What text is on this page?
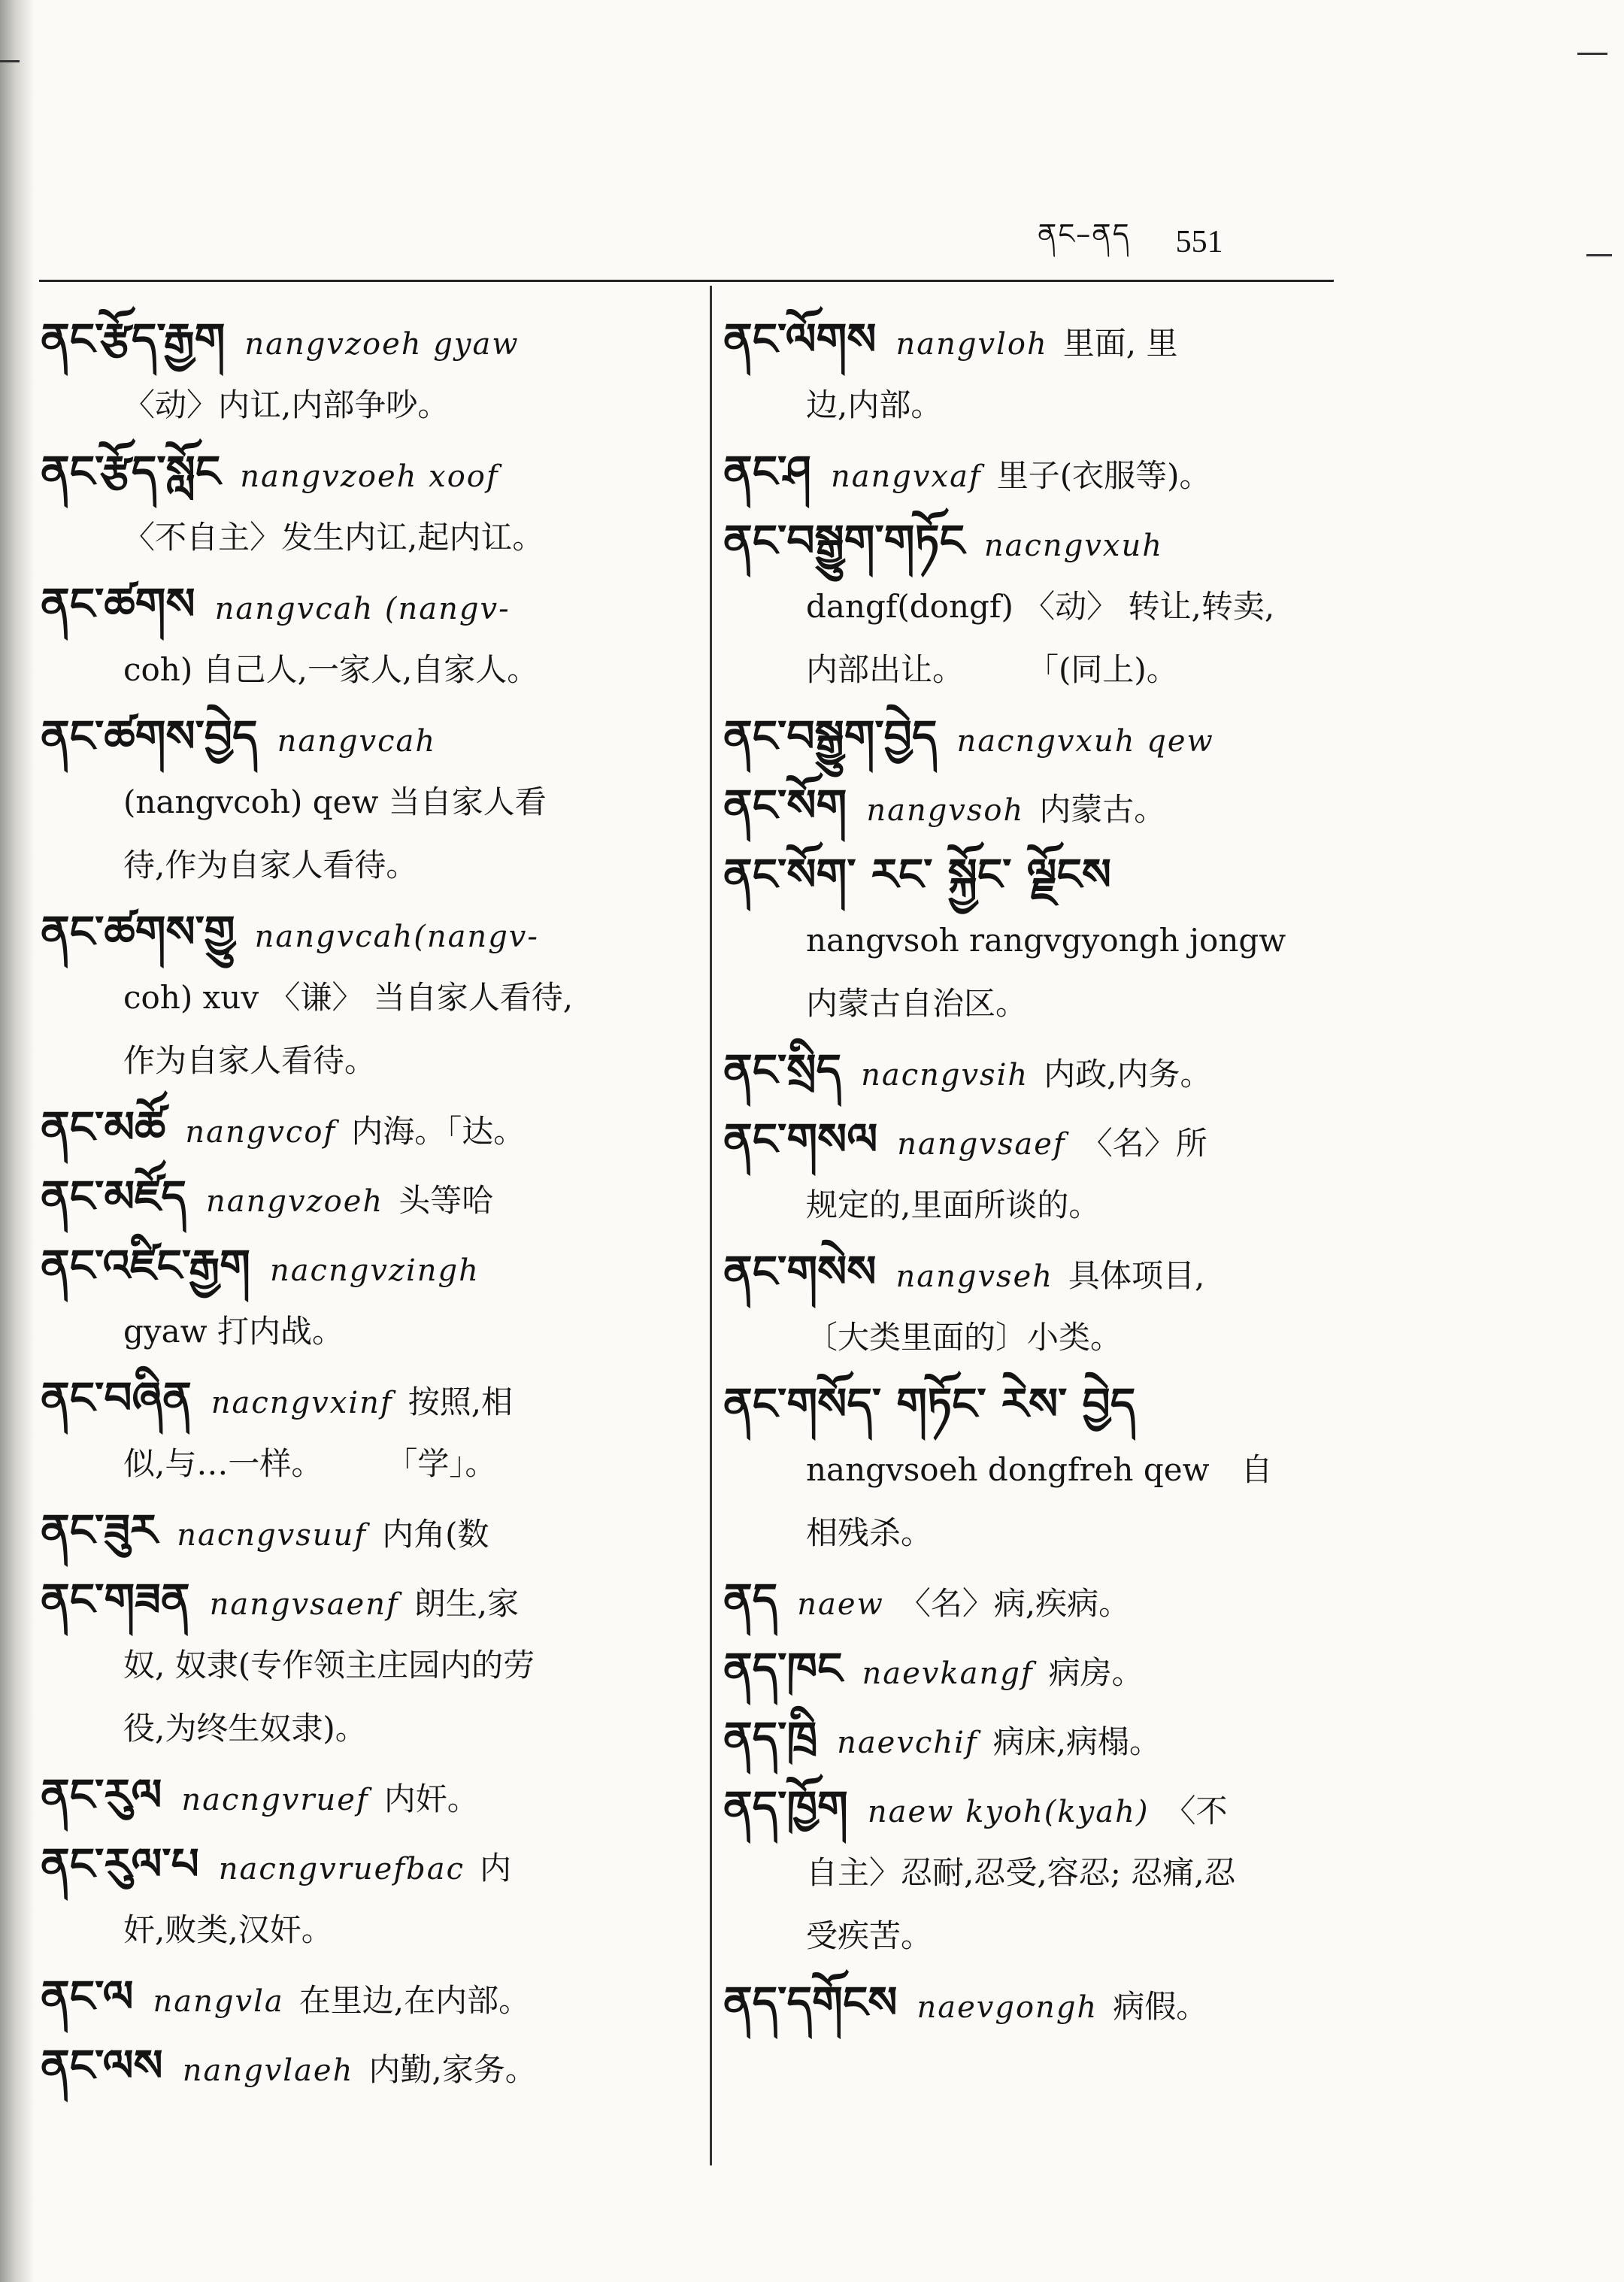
ནང–ནད 551
ནང་རྩོད་རྒྱག nangvzoeh gyaw
〈动〉内讧,内部争吵。
ནང་རྩོད་སློང nangvzoeh xoof
〈不自主〉发生内讧,起内讧。
ནང་ཚགས nangvcah (nangv-
coh) 自己人,一家人,自家人。
ནང་ཚགས་བྱེད nangvcah
(nangvcoh) qew 当自家人看
待,作为自家人看待。
ནང་ཚགས་གྱུ nangvcah(nangv-
coh) xuv 〈谦〉 当自家人看待,
作为自家人看待。
ནང་མཚོ nangvcof 内海。「达。
ནང་མཛོད nangvzoeh 头等哈
ནང་འཛིང་རྒྱག nacngvzingh
gyaw 打内战。
ནང་བཞིན nacngvxinf 按照,相
似,与…一样。　　　「学」。
ནང་ཟུར nacngvsuuf 内角(数
ནང་གཟན nangvsaenf 朗生,家
奴, 奴隶(专作领主庄园内的劳
役,为终生奴隶)。
ནང་རུལ nacngvruef 内奸。
ནང་རུལ་པ nacngvruefbac 内
奸,败类,汉奸。
ནང་ལ nangvla 在里边,在内部。
ནང་ལས nangvlaeh 内勤,家务。
ནང་ལོགས nangvloh 里面, 里
边,内部。
ནང་ཤ nangvxaf 里子(衣服等)。
ནང་བསྒྱུག་གཏོང nacngvxuh
dangf(dongf) 〈动〉 转让,转卖,
内部出让。　　　「(同上)。
ནང་བསྒྱུག་བྱེད nacngvxuh qew
ནང་སོག nangvsoh 内蒙古。
ནང་སོག་ རང་ སྐྱོང་ ལྗོངས
nangvsoh rangvgyongh jongw
内蒙古自治区。
ནང་སྲིད nacngvsih 内政,内务。
ནང་གསལ nangvsaef 〈名〉所
规定的,里面所谈的。
ནང་གསེས nangvseh 具体项目,
〔大类里面的〕小类。
ནང་གསོད་ གཏོང་ རེས་ བྱེད
nangvsoeh dongfreh qew　自
相残杀。
ནད naew 〈名〉病,疾病。
ནད་ཁང naevkangf 病房。
ནད་ཁྲི naevchif 病床,病榻。
ནད་ཁྱོག naew kyoh(kyah) 〈不
自主〉忍耐,忍受,容忍; 忍痛,忍
受疾苦。
ནད་དགོངས naevgongh 病假。
